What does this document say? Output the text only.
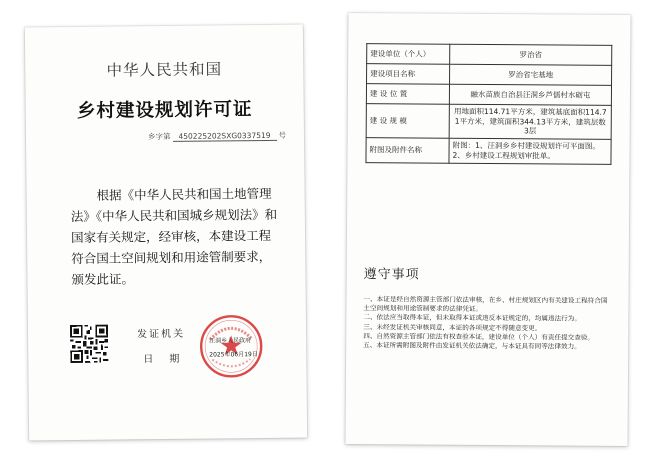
中华人民共和国
乡村建设规划许可证
乡字第 450225202SXG0337519 号
根据《中华人民共和国土地管理法》《中华人民共和国城乡规划法》和国家有关规定，经审核，本建设工程符合国土空间规划和用途管制要求，颁发此证。
发证机关
日期
汪洞乡人民政府
2025年06月19日
建设单位（个人）	罗治省
建设项目名称	罗治省宅基地
建 设 位 置	融水苗族自治县汪洞乡芦儒村水砺屯
建 设 规 模	用地面积114.71平方米，建筑基底面积114.71平方米，建筑面积344.13平方米，建筑层数3层
附图及附件名称	附图：1、汪洞乡乡村建设规划许可平面图。2、乡村建设工程规划审批单。
遵守事项
一、本证是经自然资源主管部门依法审核，在乡、村庄规划区内有关建设工程符合国土空间规划和用途管制要求的法律凭证。
二、依法应当取得本证，但未取得本证或违反本证规定的，均属违法行为。
三、未经发证机关审核同意，本证的各项规定不得随意变更。
四、自然资源主管部门依法有权查验本证，建设单位（个人）有责任提交查验。
五、本证所需附图及附件由发证机关依法确定，与本证具有同等法律效力。
